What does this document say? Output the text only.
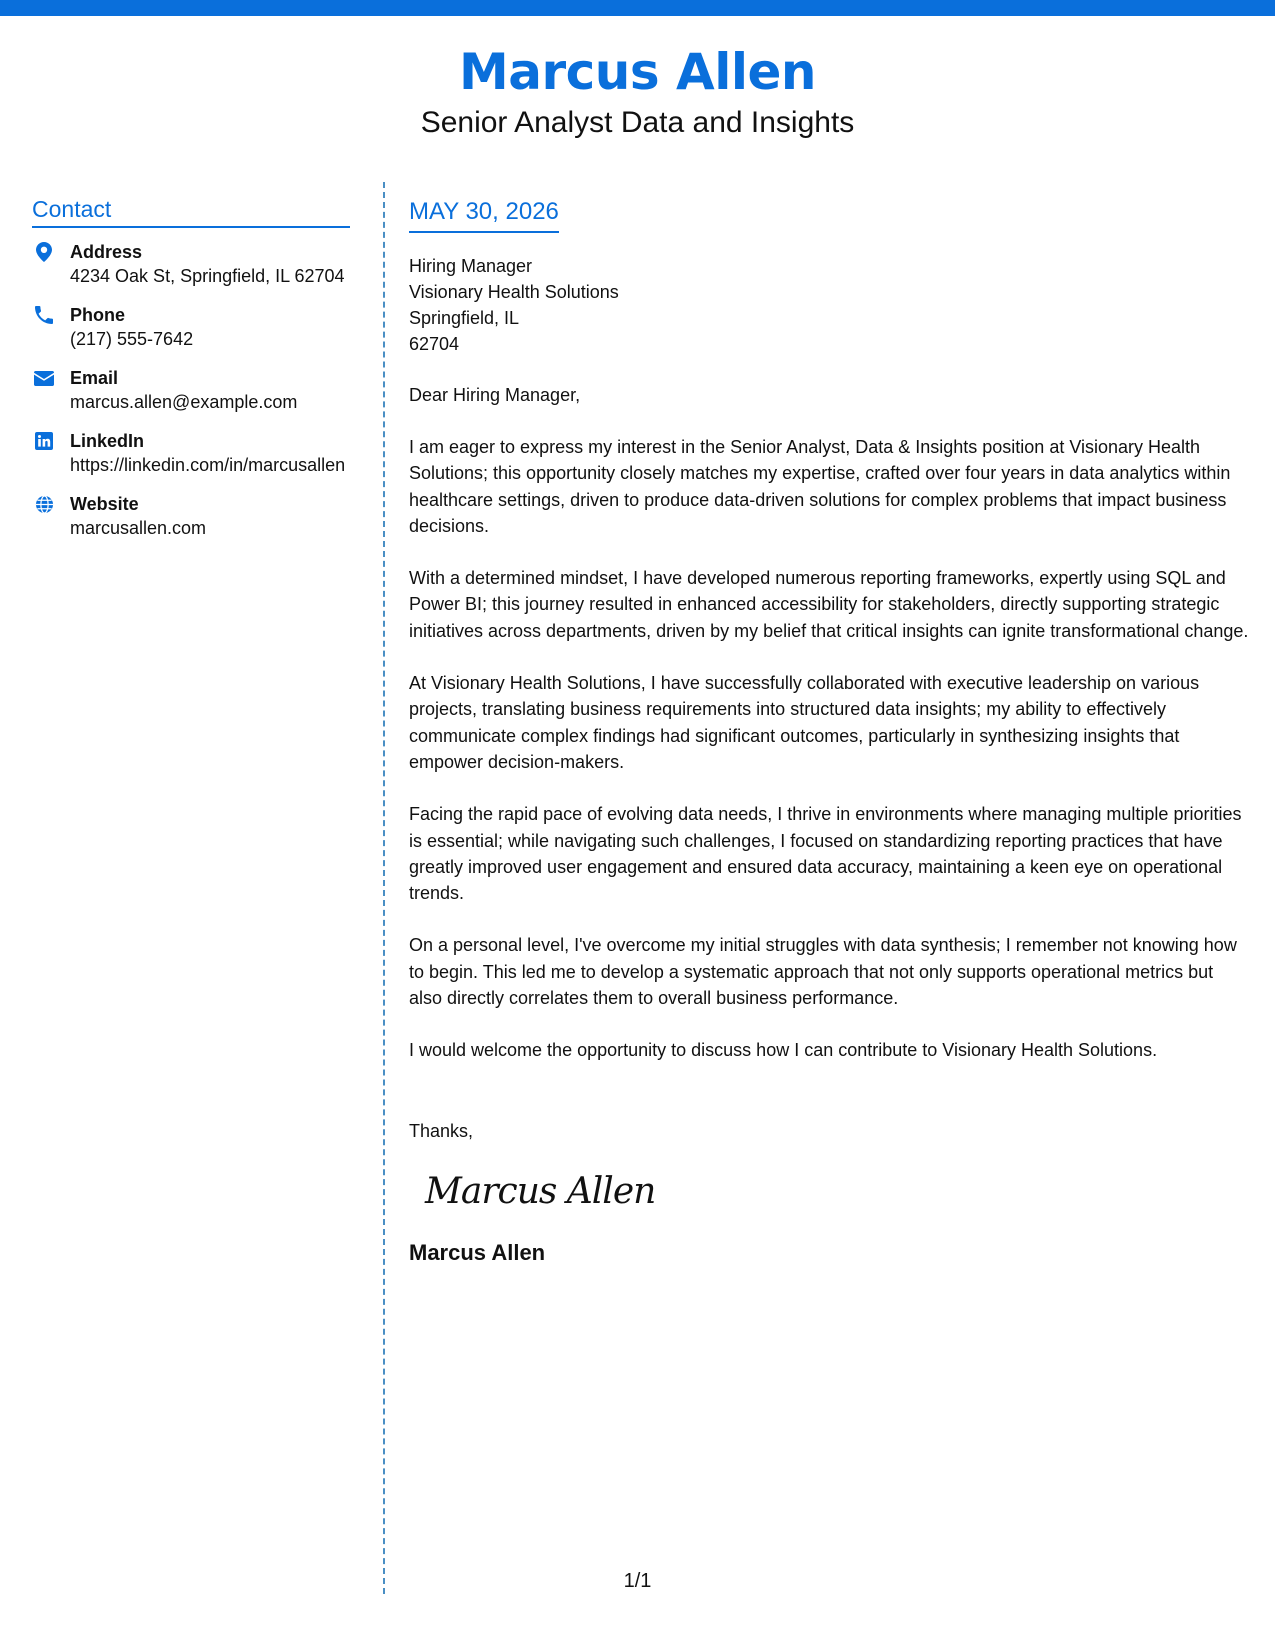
Marcus Allen
Senior Analyst Data and Insights
Contact
Address
4234 Oak St, Springfield, IL 62704
Phone
(217) 555-7642
Email
marcus.allen@example.com
LinkedIn
https://linkedin.com/in/marcusallen
Website
marcusallen.com
MAY 30, 2026
Hiring Manager
Visionary Health Solutions
Springfield, IL
62704
Dear Hiring Manager,
I am eager to express my interest in the Senior Analyst, Data & Insights position at Visionary Health Solutions; this opportunity closely matches my expertise, crafted over four years in data analytics within healthcare settings, driven to produce data-driven solutions for complex problems that impact business decisions.
With a determined mindset, I have developed numerous reporting frameworks, expertly using SQL and Power BI; this journey resulted in enhanced accessibility for stakeholders, directly supporting strategic initiatives across departments, driven by my belief that critical insights can ignite transformational change.
At Visionary Health Solutions, I have successfully collaborated with executive leadership on various projects, translating business requirements into structured data insights; my ability to effectively communicate complex findings had significant outcomes, particularly in synthesizing insights that empower decision-makers.
Facing the rapid pace of evolving data needs, I thrive in environments where managing multiple priorities is essential; while navigating such challenges, I focused on standardizing reporting practices that have greatly improved user engagement and ensured data accuracy, maintaining a keen eye on operational trends.
On a personal level, I've overcome my initial struggles with data synthesis; I remember not knowing how to begin. This led me to develop a systematic approach that not only supports operational metrics but also directly correlates them to overall business performance.
I would welcome the opportunity to discuss how I can contribute to Visionary Health Solutions.
Thanks,
Marcus Allen
Marcus Allen
1/1
